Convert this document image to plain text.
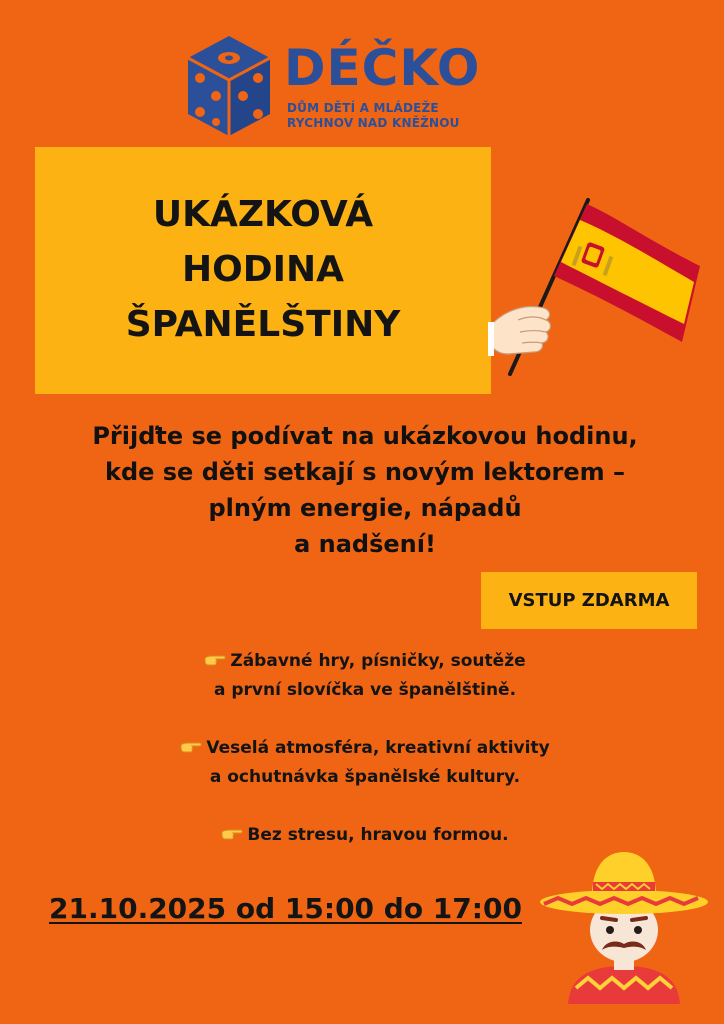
DÉČKO
DŮM DĚTÍ A MLÁDEŽE
RYCHNOV NAD KNĚŽNOU
UKÁZKOVÁ
HODINA
ŠPANĚLŠTINY
Přijďte se podívat na ukázkovou hodinu,
kde se děti setkají s novým lektorem –
plným energie, nápadů
a nadšení!
VSTUP ZDARMA
Zábavné hry, písničky, soutěže
a první slovíčka ve španělštině.
Veselá atmosféra, kreativní aktivity
a ochutnávka španělské kultury.
Bez stresu, hravou formou.
21.10.2025 od 15:00 do 17:00
